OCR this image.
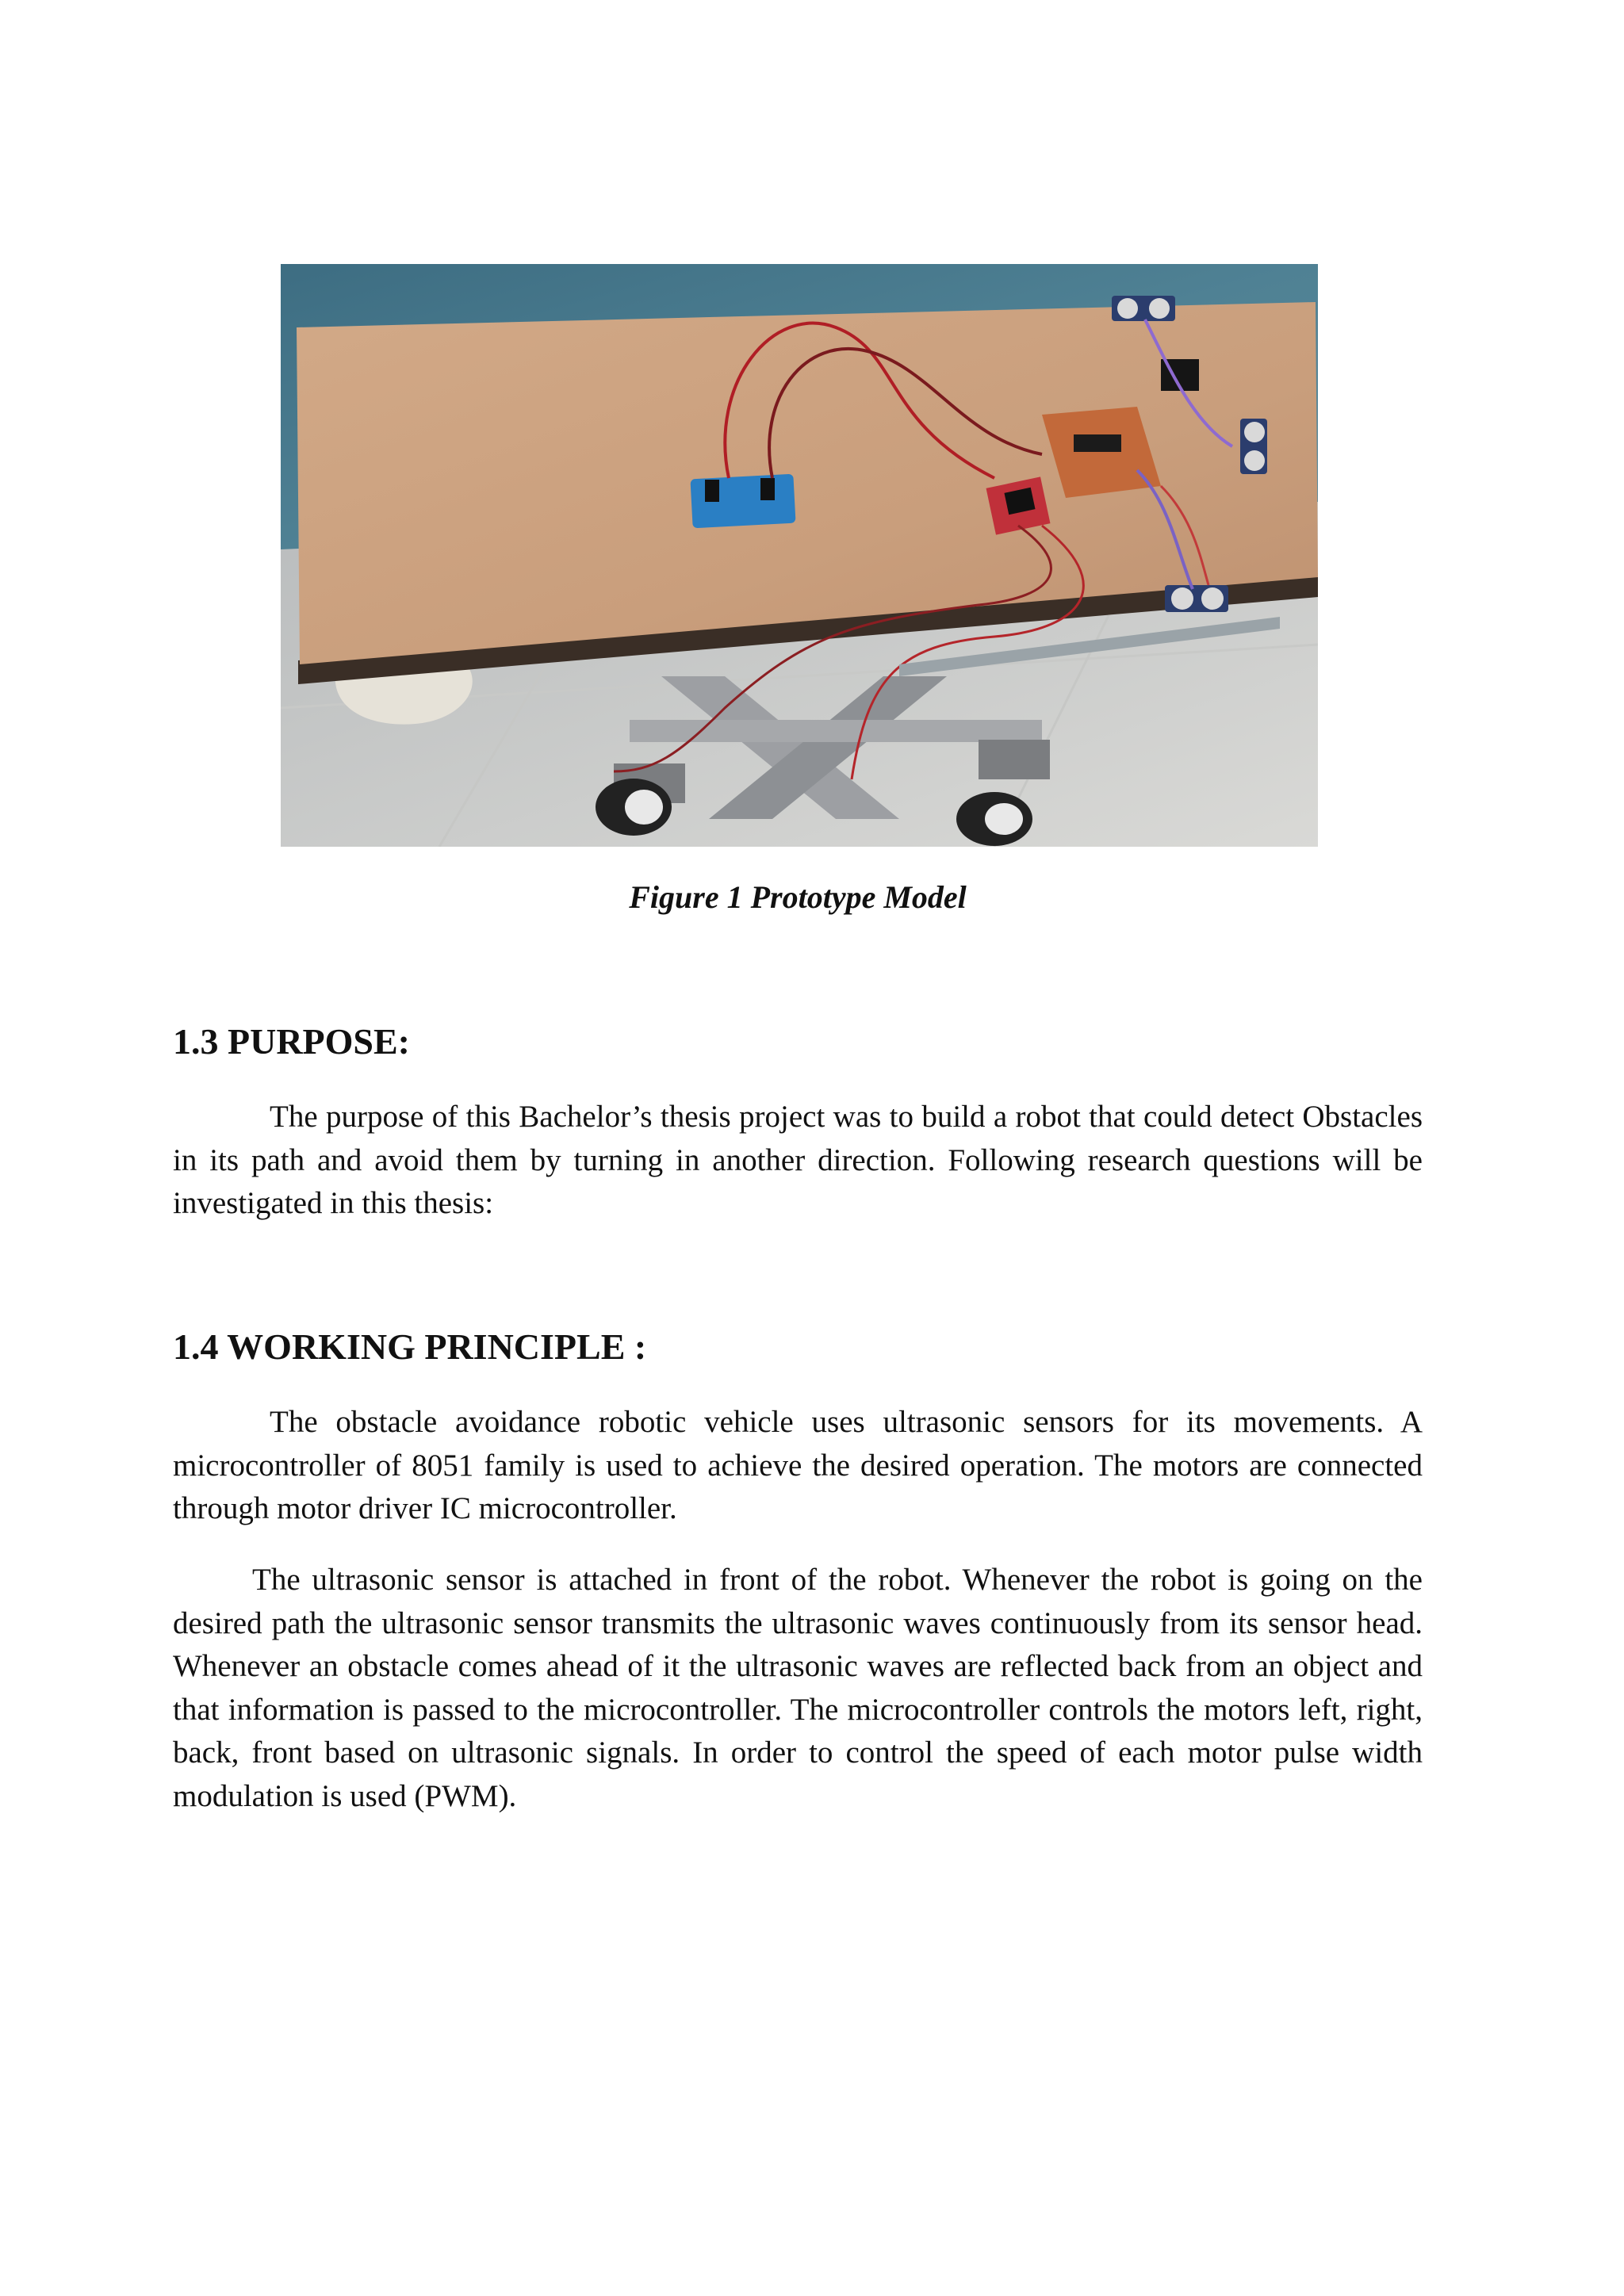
Figure 1 Prototype Model
1.3 PURPOSE:

The purpose of this Bachelor’s thesis project was to build a robot that could detect Obstacles in its path and avoid them by turning in another direction. Following research questions will be investigated in this thesis:

1.4 WORKING PRINCIPLE :

The obstacle avoidance robotic vehicle uses ultrasonic sensors for its movements. A microcontroller of 8051 family is used to achieve the desired operation. The motors are connected through motor driver IC microcontroller.

The ultrasonic sensor is attached in front of the robot. Whenever the robot is going on the desired path the ultrasonic sensor transmits the ultrasonic waves continuously from its sensor head. Whenever an obstacle comes ahead of it the ultrasonic waves are reflected back from an object and that information is passed to the microcontroller. The microcontroller controls the motors left, right, back, front based on ultrasonic signals. In order to control the speed of each motor pulse width modulation is used (PWM).
